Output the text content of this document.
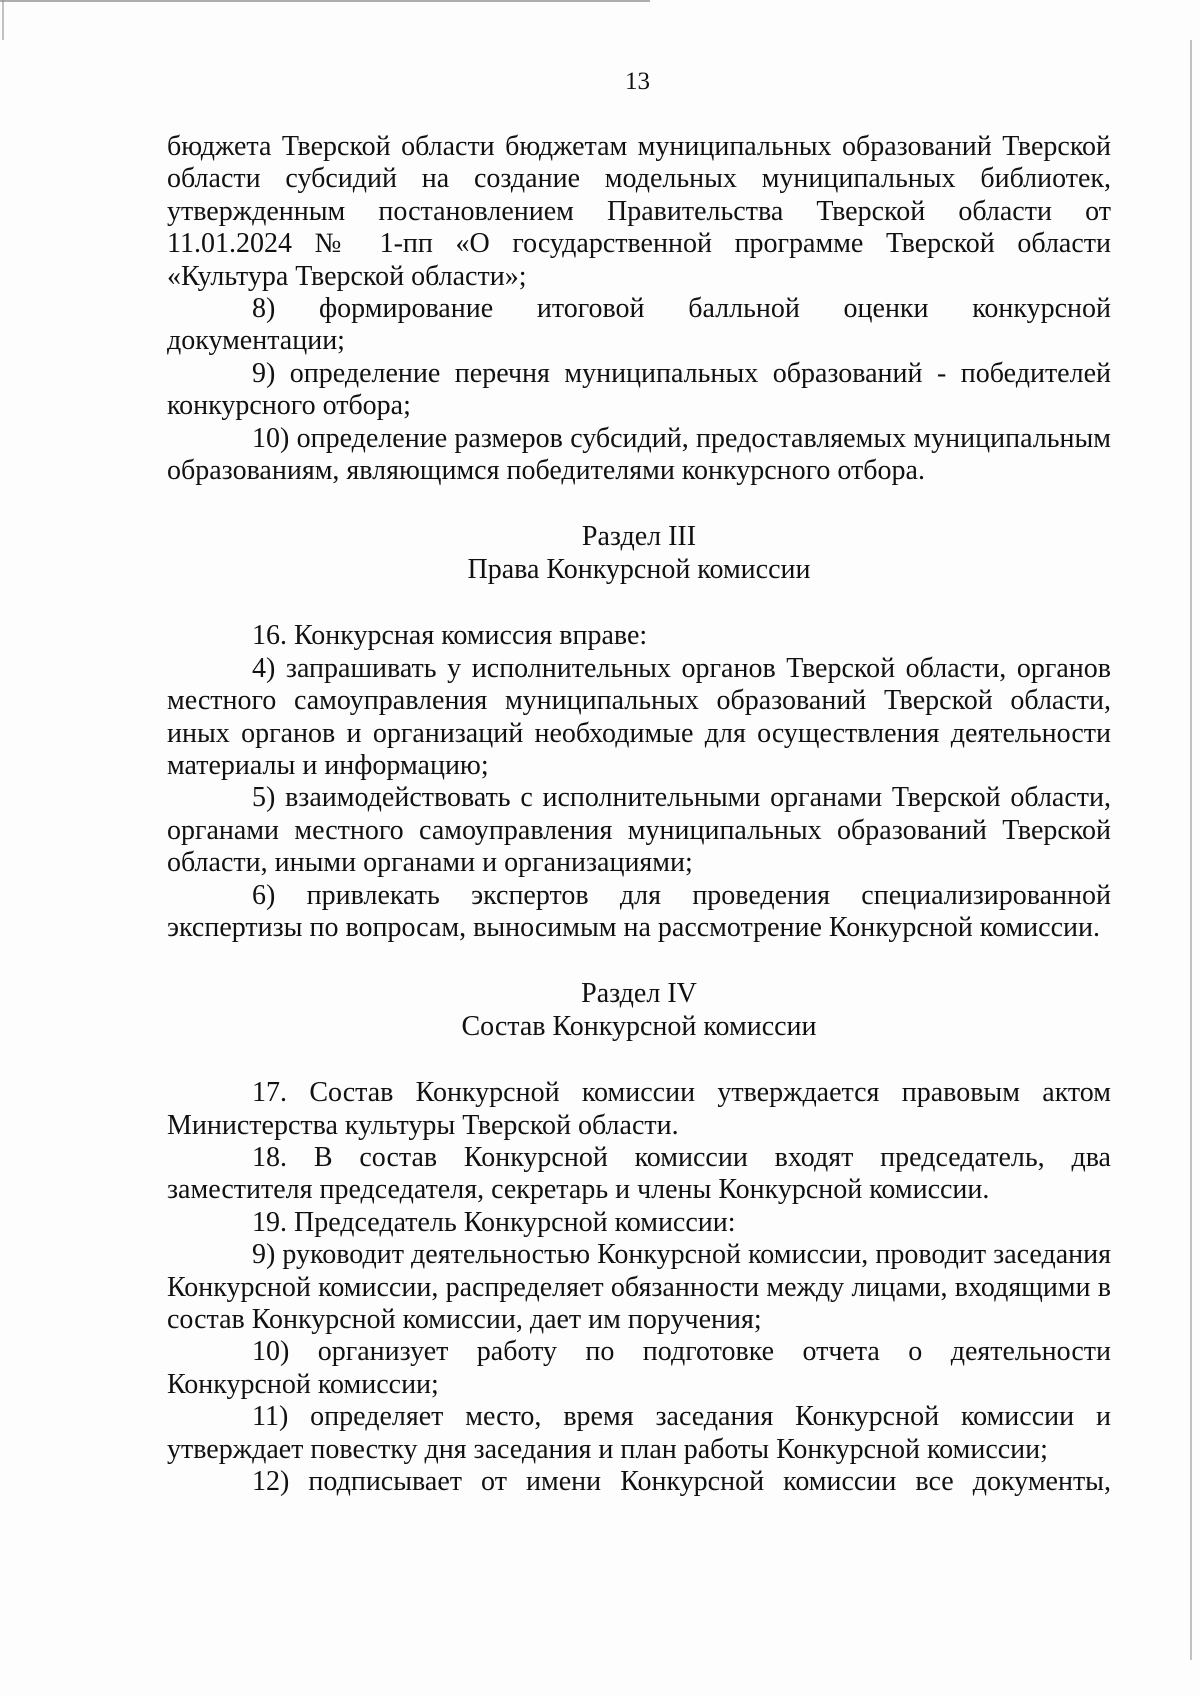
13

бюджета Тверской области бюджетам муниципальных образований Тверской области субсидий на создание модельных муниципальных библиотек, утвержденным постановлением Правительства Тверской области от 11.01.2024 № 1-пп «О государственной программе Тверской области «Культура Тверской области»;

8) формирование итоговой балльной оценки конкурсной документации;

9) определение перечня муниципальных образований - победителей конкурсного отбора;

10) определение размеров субсидий, предоставляемых муниципальным образованиям, являющимся победителями конкурсного отбора.

Раздел III

Права Конкурсной комиссии

16. Конкурсная комиссия вправе:

4) запрашивать у исполнительных органов Тверской области, органов местного самоуправления муниципальных образований Тверской области, иных органов и организаций необходимые для осуществления деятельности материалы и информацию;

5) взаимодействовать с исполнительными органами Тверской области, органами местного самоуправления муниципальных образований Тверской области, иными органами и организациями;

6) привлекать экспертов для проведения специализированной экспертизы по вопросам, выносимым на рассмотрение Конкурсной комиссии.

Раздел IV

Состав Конкурсной комиссии

17. Состав Конкурсной комиссии утверждается правовым актом Министерства культуры Тверской области.

18. В состав Конкурсной комиссии входят председатель, два заместителя председателя, секретарь и члены Конкурсной комиссии.

19. Председатель Конкурсной комиссии:

9) руководит деятельностью Конкурсной комиссии, проводит заседания Конкурсной комиссии, распределяет обязанности между лицами, входящими в состав Конкурсной комиссии, дает им поручения;

10) организует работу по подготовке отчета о деятельности Конкурсной комиссии;

11) определяет место, время заседания Конкурсной комиссии и утверждает повестку дня заседания и план работы Конкурсной комиссии;

12) подписывает от имени Конкурсной комиссии все документы,
